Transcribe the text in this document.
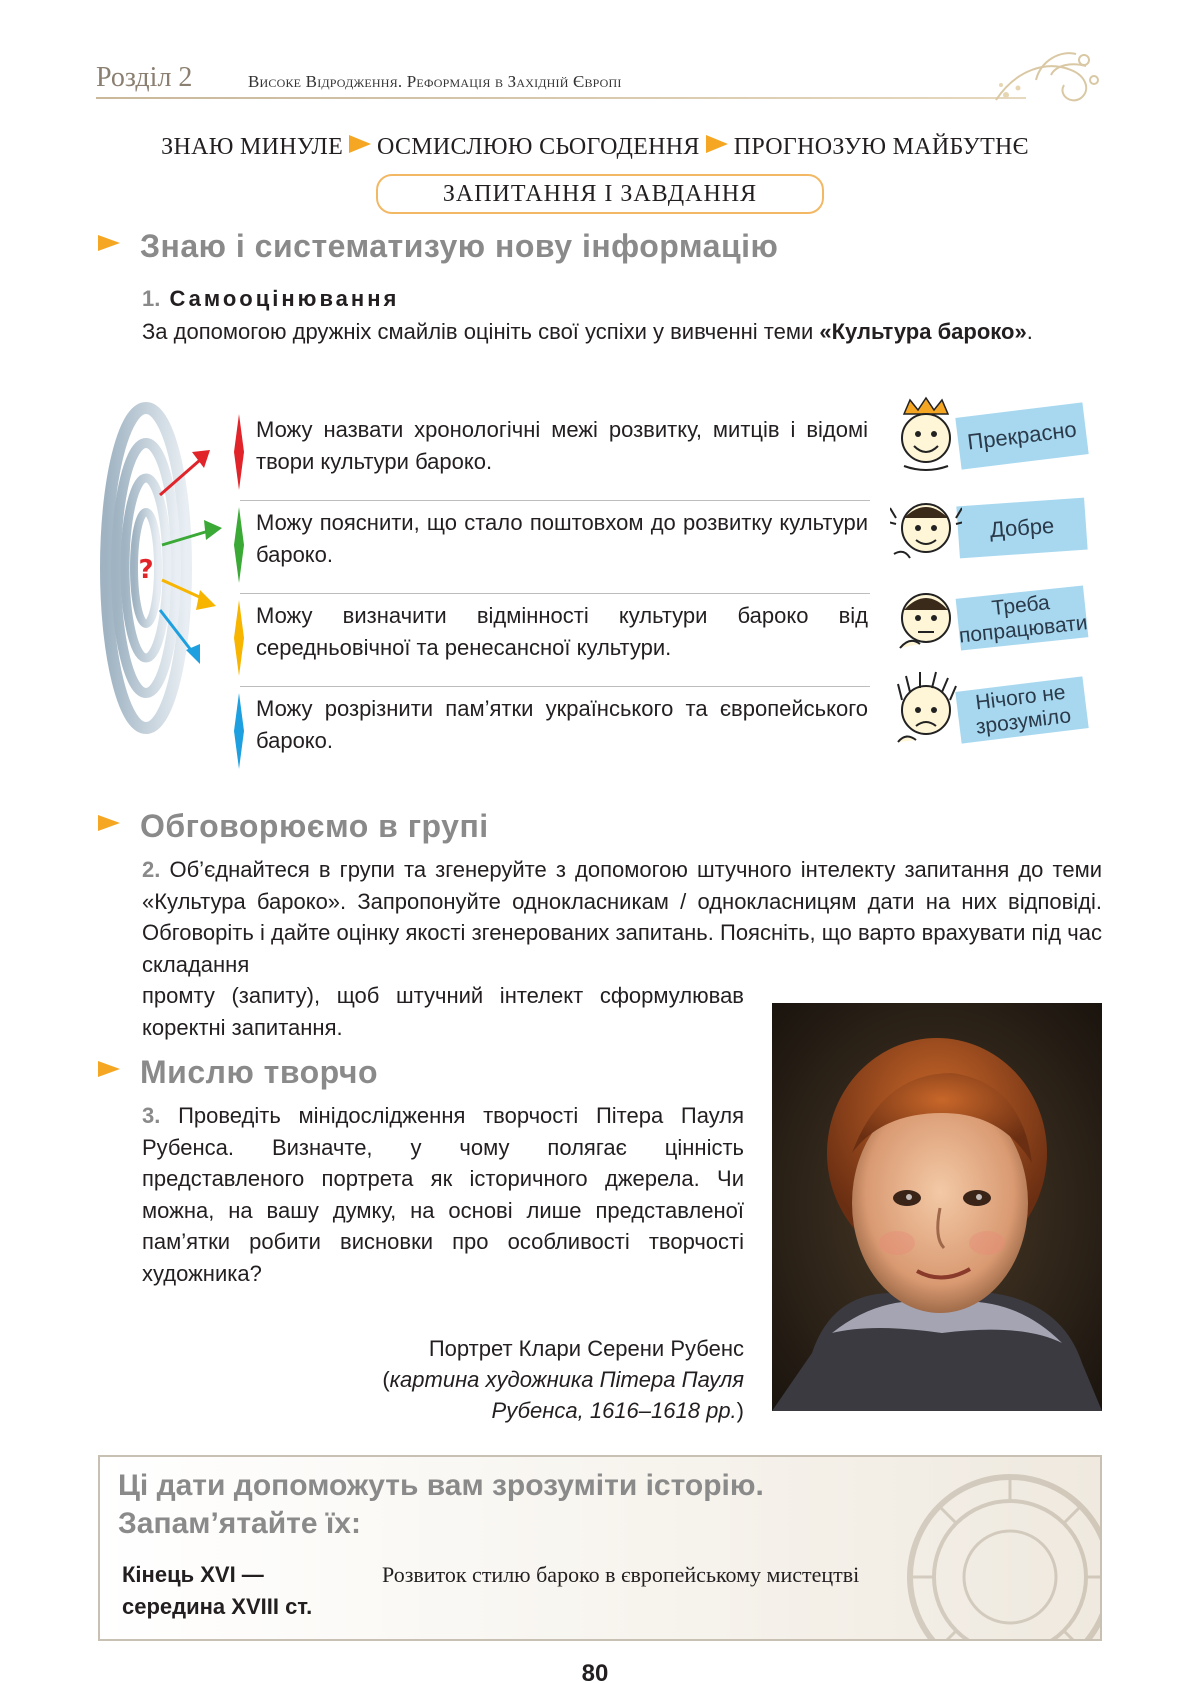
Розділ 2	Високе Відродження. Реформація в Західній Європі
ЗНАЮ МИНУЛЕ ОСМИСЛЮЮ СЬОГОДЕННЯ ПРОГНОЗУЮ МАЙБУТНЄ
ЗАПИТАННЯ І ЗАВДАННЯ
Знаю і систематизую нову інформацію
1. Самооцінювання
За допомогою дружніх смайлів оцініть свої успіхи у вивченні теми «Культура бароко».
?
Можу назвати хронологічні межі розвитку, митців і відомі твори культури бароко.
Можу пояснити, що стало поштовхом до розвитку культури бароко.
Можу визначити відмінності культури бароко від середньовічної та ренесансної культури.
Можу розрізнити пам’ятки українського та європейського бароко.
Прекрасно
Добре
Треба попрацювати
Нічого не зрозуміло
Обговорюємо в групі
2. Об’єднайтеся в групи та згенеруйте з допомогою штучного інтелекту запитання до теми «Культура бароко». Запропонуйте однокласникам / однокласницям дати на них відповіді. Обговоріть і дайте оцінку якості згенерованих запитань. Поясніть, що варто врахувати під час складання
промту (запиту), щоб штучний інтелект сформулював коректні запитання.
Мислю творчо
3. Проведіть мінідослідження творчості Пітера Пауля Рубенса. Визначте, у чому полягає цінність представленого портрета як історичного джерела. Чи можна, на вашу думку, на основі лише представленої пам’ятки робити висновки про особливості творчості художника?
Портрет Клари Серени Рубенс
(картина художника Пітера Пауля Рубенса, 1616–1618 рр.)
Ці дати допоможуть вам зрозуміти історію.
Запам’ятайте їх:
Кінець XVI —
середина XVIII ст.
Розвиток стилю бароко в європейському мистецтві
80
